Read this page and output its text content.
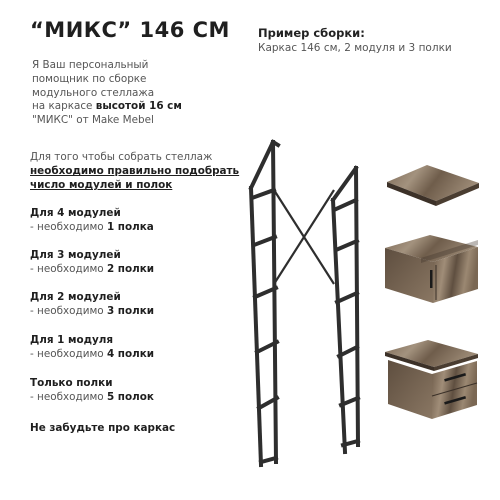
“МИКС” 146 СМ Пример сборки:
Каркас 146 см, 2 модуля и 3 полки
Я Ваш персональный
помощник по сборке
модульного стеллажа
на каркасе высотой 16 см
"МИКС" от Make Mebel
Для того чтобы собрать стеллаж
необходимо правильно подобрать
число модулей и полок
Для 4 модулей
- необходимо 1 полка
Для 3 модулей
- необходимо 2 полки
Для 2 модулей
- необходимо 3 полки
Для 1 модуля
- необходимо 4 полки
Только полки
- необходимо 5 полок
Не забудьте про каркас
